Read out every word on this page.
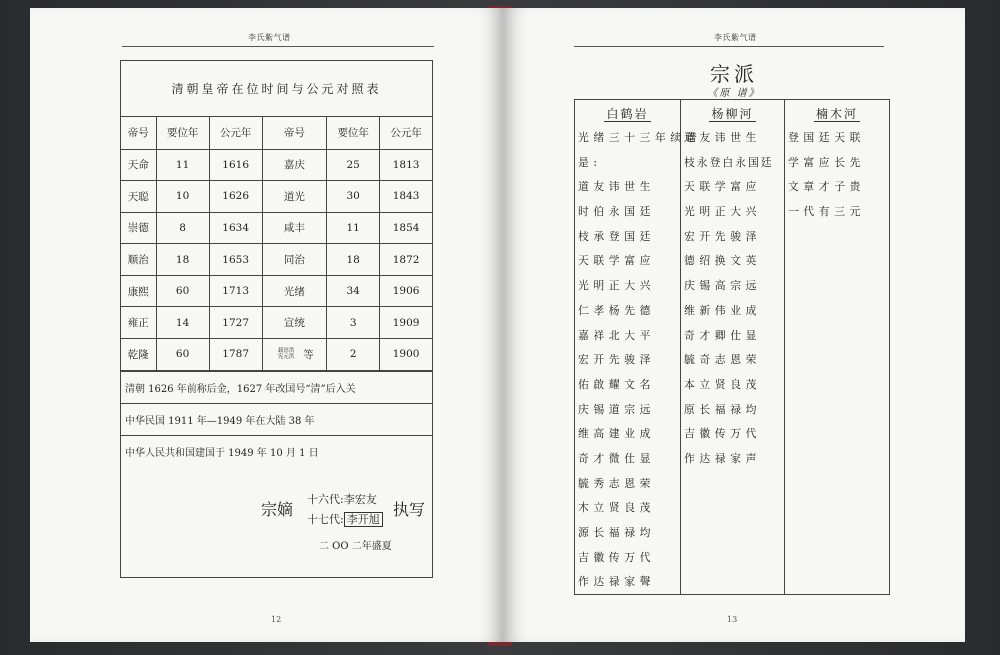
李氏紫气谱
清朝皇帝在位时间与公元对照表
帝号	要位年	公元年	帝号	要位年	公元年
天命	11	1616	嘉庆	25	1813
天聪	10	1626	道光	30	1843
崇德	8	1634	咸丰	11	1854
顺治	18	1653	同治	18	1872
康熙	60	1713	光绪	34	1906
雍正	14	1727	宣统	3	1909
乾隆	60	1787	载淳洪 宪元洪 等	2	1900
清朝 1626 年前称后金，1627 年改国号“清”后入关
中华民国 1911 年—1949 年在大陆 38 年
中华人民共和国建国于 1949 年 10 月 1 日
宗嫡
十六代:李宏友
十七代: 李开旭
执写
二 OO 二年盛夏
12
李氏紫气谱
宗派
《原 谱》
白鹤岩
光绪三十三年续谱
是:
道友讳世生
时伯永国廷
枝承登国廷
天联学富应
光明正大兴
仁孝杨先德
嘉祥北大平
宏开先骏泽
佑啟耀文名
庆锡道宗远
维高建业成
奇才微仕显
毓秀志恩荣
木立贤良茂
源长福禄均
吉徽传万代
作达禄家聲
杨柳河
道友讳世生
枝永登白永国廷
天联学富应
光明正大兴
宏开先骏泽
德绍换文英
庆锡高宗远
维新伟业成
奇才卿仕显
毓奇志恩荣
本立贤良茂
原长福禄均
吉徽传万代
作达禄家声
楠木河
登国廷天联
学富应长先
文章才子贵
一代有三元
13
